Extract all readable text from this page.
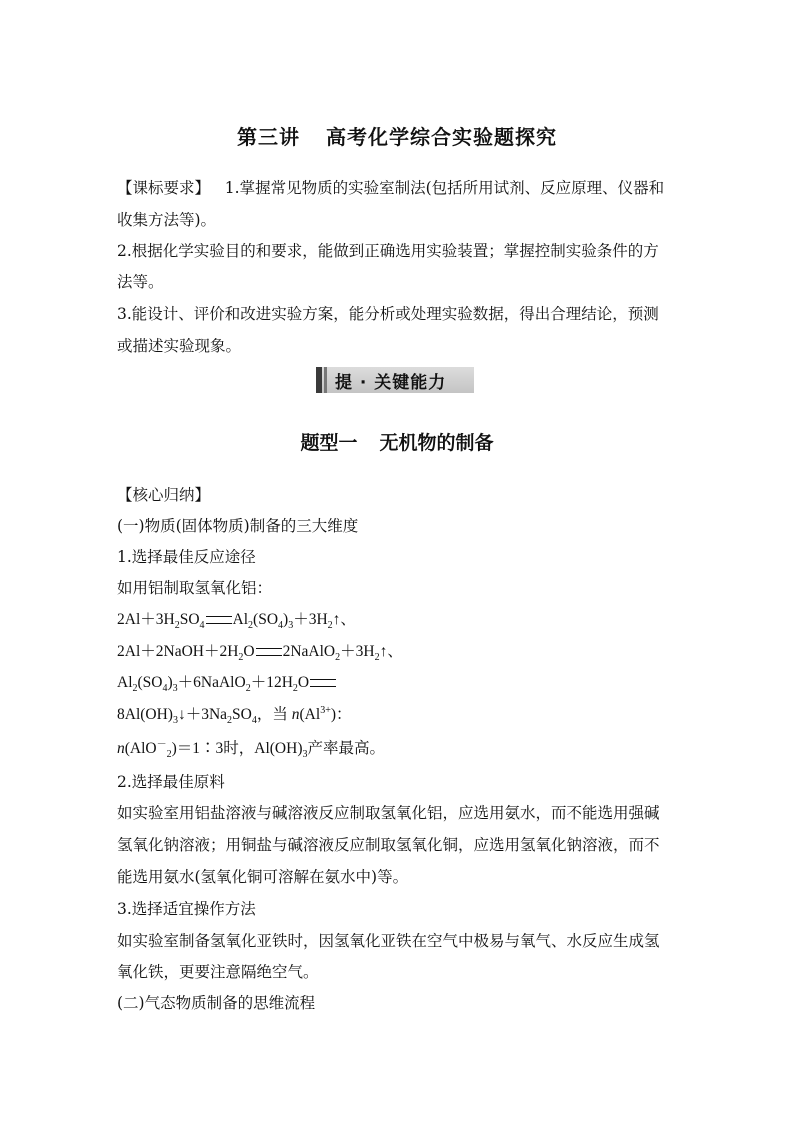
第三讲 高考化学综合实验题探究
【课标要求】 1.掌握常见物质的实验室制法(包括所用试剂、反应原理、仪器和
收集方法等)。
2.根据化学实验目的和要求，能做到正确选用实验装置；掌握控制实验条件的方
法等。
3.能设计、评价和改进实验方案，能分析或处理实验数据，得出合理结论，预测
或描述实验现象。
提 · 关键能力
题型一 无机物的制备
【核心归纳】
(一)物质(固体物质)制备的三大维度
1.选择最佳反应途径
如用铝制取氢氧化铝：
$2Al+3H_2SO_4$ $Al_2(SO_4)_3+3H_2↑$、
$2Al+2NaOH+2H_2O$ $2NaAlO_2+3H_2↑$、
$Al_2(SO_4)_3+6NaAlO_2+12H_2O$
$8Al(OH)_3↓+3Na_2SO_4$，当 $n(Al^{3+})$：
n(AlO－$_2$)＝1∶3时，$Al(OH)_3$产率最高。
2.选择最佳原料
如实验室用铝盐溶液与碱溶液反应制取氢氧化铝，应选用氨水，而不能选用强碱
氢氧化钠溶液；用铜盐与碱溶液反应制取氢氧化铜，应选用氢氧化钠溶液，而不
能选用氨水(氢氧化铜可溶解在氨水中)等。
3.选择适宜操作方法
如实验室制备氢氧化亚铁时，因氢氧化亚铁在空气中极易与氧气、水反应生成氢
氧化铁，更要注意隔绝空气。
(二)气态物质制备的思维流程
